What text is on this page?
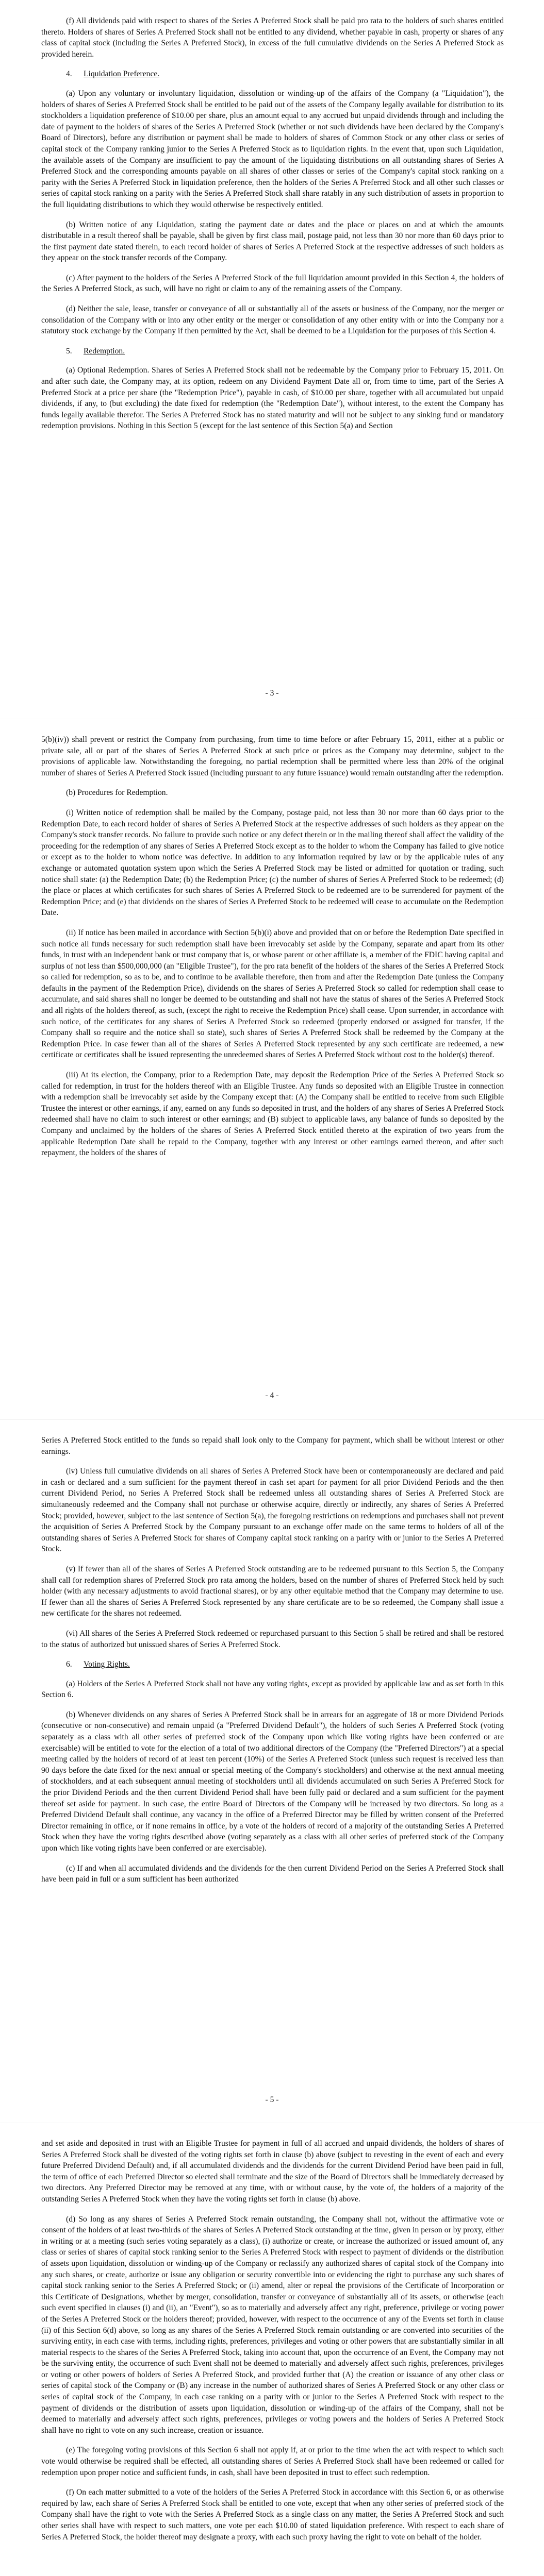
(f) All dividends paid with respect to shares of the Series A Preferred Stock shall be paid pro rata to the holders of such shares entitled thereto. Holders of shares of Series A Preferred Stock shall not be entitled to any dividend, whether payable in cash, property or shares of any class of capital stock (including the Series A Preferred Stock), in excess of the full cumulative dividends on the Series A Preferred Stock as provided herein.

4. Liquidation Preference.

(a) Upon any voluntary or involuntary liquidation, dissolution or winding-up of the affairs of the Company (a "Liquidation"), the holders of shares of Series A Preferred Stock shall be entitled to be paid out of the assets of the Company legally available for distribution to its stockholders a liquidation preference of $10.00 per share, plus an amount equal to any accrued but unpaid dividends through and including the date of payment to the holders of shares of the Series A Preferred Stock (whether or not such dividends have been declared by the Company's Board of Directors), before any distribution or payment shall be made to holders of shares of Common Stock or any other class or series of capital stock of the Company ranking junior to the Series A Preferred Stock as to liquidation rights. In the event that, upon such Liquidation, the available assets of the Company are insufficient to pay the amount of the liquidating distributions on all outstanding shares of Series A Preferred Stock and the corresponding amounts payable on all shares of other classes or series of the Company's capital stock ranking on a parity with the Series A Preferred Stock in liquidation preference, then the holders of the Series A Preferred Stock and all other such classes or series of capital stock ranking on a parity with the Series A Preferred Stock shall share ratably in any such distribution of assets in proportion to the full liquidating distributions to which they would otherwise be respectively entitled.

(b) Written notice of any Liquidation, stating the payment date or dates and the place or places on and at which the amounts distributable in a result thereof shall be payable, shall be given by first class mail, postage paid, not less than 30 nor more than 60 days prior to the first payment date stated therein, to each record holder of shares of Series A Preferred Stock at the respective addresses of such holders as they appear on the stock transfer records of the Company.

(c) After payment to the holders of the Series A Preferred Stock of the full liquidation amount provided in this Section 4, the holders of the Series A Preferred Stock, as such, will have no right or claim to any of the remaining assets of the Company.

(d) Neither the sale, lease, transfer or conveyance of all or substantially all of the assets or business of the Company, nor the merger or consolidation of the Company with or into any other entity or the merger or consolidation of any other entity with or into the Company nor a statutory stock exchange by the Company if then permitted by the Act, shall be deemed to be a Liquidation for the purposes of this Section 4.

5. Redemption.

(a) Optional Redemption. Shares of Series A Preferred Stock shall not be redeemable by the Company prior to February 15, 2011. On and after such date, the Company may, at its option, redeem on any Dividend Payment Date all or, from time to time, part of the Series A Preferred Stock at a price per share (the "Redemption Price"), payable in cash, of $10.00 per share, together with all accumulated but unpaid dividends, if any, to (but excluding) the date fixed for redemption (the "Redemption Date"), without interest, to the extent the Company has funds legally available therefor. The Series A Preferred Stock has no stated maturity and will not be subject to any sinking fund or mandatory redemption provisions. Nothing in this Section 5 (except for the last sentence of this Section 5(a) and Section

- 3 -

5(b)(iv)) shall prevent or restrict the Company from purchasing, from time to time before or after February 15, 2011, either at a public or private sale, all or part of the shares of Series A Preferred Stock at such price or prices as the Company may determine, subject to the provisions of applicable law. Notwithstanding the foregoing, no partial redemption shall be permitted where less than 20% of the original number of shares of Series A Preferred Stock issued (including pursuant to any future issuance) would remain outstanding after the redemption.

(b) Procedures for Redemption.

(i) Written notice of redemption shall be mailed by the Company, postage paid, not less than 30 nor more than 60 days prior to the Redemption Date, to each record holder of shares of Series A Preferred Stock at the respective addresses of such holders as they appear on the Company's stock transfer records. No failure to provide such notice or any defect therein or in the mailing thereof shall affect the validity of the proceeding for the redemption of any shares of Series A Preferred Stock except as to the holder to whom the Company has failed to give notice or except as to the holder to whom notice was defective. In addition to any information required by law or by the applicable rules of any exchange or automated quotation system upon which the Series A Preferred Stock may be listed or admitted for quotation or trading, such notice shall state: (a) the Redemption Date; (b) the Redemption Price; (c) the number of shares of Series A Preferred Stock to be redeemed; (d) the place or places at which certificates for such shares of Series A Preferred Stock to be redeemed are to be surrendered for payment of the Redemption Price; and (e) that dividends on the shares of Series A Preferred Stock to be redeemed will cease to accumulate on the Redemption Date.

(ii) If notice has been mailed in accordance with Section 5(b)(i) above and provided that on or before the Redemption Date specified in such notice all funds necessary for such redemption shall have been irrevocably set aside by the Company, separate and apart from its other funds, in trust with an independent bank or trust company that is, or whose parent or other affiliate is, a member of the FDIC having capital and surplus of not less than $500,000,000 (an "Eligible Trustee"), for the pro rata benefit of the holders of the shares of the Series A Preferred Stock so called for redemption, so as to be, and to continue to be available therefore, then from and after the Redemption Date (unless the Company defaults in the payment of the Redemption Price), dividends on the shares of Series A Preferred Stock so called for redemption shall cease to accumulate, and said shares shall no longer be deemed to be outstanding and shall not have the status of shares of the Series A Preferred Stock and all rights of the holders thereof, as such, (except the right to receive the Redemption Price) shall cease. Upon surrender, in accordance with such notice, of the certificates for any shares of Series A Preferred Stock so redeemed (properly endorsed or assigned for transfer, if the Company shall so require and the notice shall so state), such shares of Series A Preferred Stock shall be redeemed by the Company at the Redemption Price. In case fewer than all of the shares of Series A Preferred Stock represented by any such certificate are redeemed, a new certificate or certificates shall be issued representing the unredeemed shares of Series A Preferred Stock without cost to the holder(s) thereof.

(iii) At its election, the Company, prior to a Redemption Date, may deposit the Redemption Price of the Series A Preferred Stock so called for redemption, in trust for the holders thereof with an Eligible Trustee. Any funds so deposited with an Eligible Trustee in connection with a redemption shall be irrevocably set aside by the Company except that: (A) the Company shall be entitled to receive from such Eligible Trustee the interest or other earnings, if any, earned on any funds so deposited in trust, and the holders of any shares of Series A Preferred Stock redeemed shall have no claim to such interest or other earnings; and (B) subject to applicable laws, any balance of funds so deposited by the Company and unclaimed by the holders of the shares of Series A Preferred Stock entitled thereto at the expiration of two years from the applicable Redemption Date shall be repaid to the Company, together with any interest or other earnings earned thereon, and after such repayment, the holders of the shares of

- 4 -

Series A Preferred Stock entitled to the funds so repaid shall look only to the Company for payment, which shall be without interest or other earnings.

(iv) Unless full cumulative dividends on all shares of Series A Preferred Stock have been or contemporaneously are declared and paid in cash or declared and a sum sufficient for the payment thereof in cash set apart for payment for all prior Dividend Periods and the then current Dividend Period, no Series A Preferred Stock shall be redeemed unless all outstanding shares of Series A Preferred Stock are simultaneously redeemed and the Company shall not purchase or otherwise acquire, directly or indirectly, any shares of Series A Preferred Stock; provided, however, subject to the last sentence of Section 5(a), the foregoing restrictions on redemptions and purchases shall not prevent the acquisition of Series A Preferred Stock by the Company pursuant to an exchange offer made on the same terms to holders of all of the outstanding shares of Series A Preferred Stock for shares of Company capital stock ranking on a parity with or junior to the Series A Preferred Stock.

(v) If fewer than all of the shares of Series A Preferred Stock outstanding are to be redeemed pursuant to this Section 5, the Company shall call for redemption shares of Preferred Stock pro rata among the holders, based on the number of shares of Preferred Stock held by such holder (with any necessary adjustments to avoid fractional shares), or by any other equitable method that the Company may determine to use. If fewer than all the shares of Series A Preferred Stock represented by any share certificate are to be so redeemed, the Company shall issue a new certificate for the shares not redeemed.

(vi) All shares of the Series A Preferred Stock redeemed or repurchased pursuant to this Section 5 shall be retired and shall be restored to the status of authorized but unissued shares of Series A Preferred Stock.

6. Voting Rights.

(a) Holders of the Series A Preferred Stock shall not have any voting rights, except as provided by applicable law and as set forth in this Section 6.

(b) Whenever dividends on any shares of Series A Preferred Stock shall be in arrears for an aggregate of 18 or more Dividend Periods (consecutive or non-consecutive) and remain unpaid (a "Preferred Dividend Default"), the holders of such Series A Preferred Stock (voting separately as a class with all other series of preferred stock of the Company upon which like voting rights have been conferred or are exercisable) will be entitled to vote for the election of a total of two additional directors of the Company (the "Preferred Directors") at a special meeting called by the holders of record of at least ten percent (10%) of the Series A Preferred Stock (unless such request is received less than 90 days before the date fixed for the next annual or special meeting of the Company's stockholders) and otherwise at the next annual meeting of stockholders, and at each subsequent annual meeting of stockholders until all dividends accumulated on such Series A Preferred Stock for the prior Dividend Periods and the then current Dividend Period shall have been fully paid or declared and a sum sufficient for the payment thereof set aside for payment. In such case, the entire Board of Directors of the Company will be increased by two directors. So long as a Preferred Dividend Default shall continue, any vacancy in the office of a Preferred Director may be filled by written consent of the Preferred Director remaining in office, or if none remains in office, by a vote of the holders of record of a majority of the outstanding Series A Preferred Stock when they have the voting rights described above (voting separately as a class with all other series of preferred stock of the Company upon which like voting rights have been conferred or are exercisable).

(c) If and when all accumulated dividends and the dividends for the then current Dividend Period on the Series A Preferred Stock shall have been paid in full or a sum sufficient has been authorized

- 5 -

and set aside and deposited in trust with an Eligible Trustee for payment in full of all accrued and unpaid dividends, the holders of shares of Series A Preferred Stock shall be divested of the voting rights set forth in clause (b) above (subject to revesting in the event of each and every future Preferred Dividend Default) and, if all accumulated dividends and the dividends for the current Dividend Period have been paid in full, the term of office of each Preferred Director so elected shall terminate and the size of the Board of Directors shall be immediately decreased by two directors. Any Preferred Director may be removed at any time, with or without cause, by the vote of, the holders of a majority of the outstanding Series A Preferred Stock when they have the voting rights set forth in clause (b) above.

(d) So long as any shares of Series A Preferred Stock remain outstanding, the Company shall not, without the affirmative vote or consent of the holders of at least two-thirds of the shares of Series A Preferred Stock outstanding at the time, given in person or by proxy, either in writing or at a meeting (such series voting separately as a class), (i) authorize or create, or increase the authorized or issued amount of, any class or series of shares of capital stock ranking senior to the Series A Preferred Stock with respect to payment of dividends or the distribution of assets upon liquidation, dissolution or winding-up of the Company or reclassify any authorized shares of capital stock of the Company into any such shares, or create, authorize or issue any obligation or security convertible into or evidencing the right to purchase any such shares of capital stock ranking senior to the Series A Preferred Stock; or (ii) amend, alter or repeal the provisions of the Certificate of Incorporation or this Certificate of Designations, whether by merger, consolidation, transfer or conveyance of substantially all of its assets, or otherwise (each such event specified in clauses (i) and (ii), an "Event"), so as to materially and adversely affect any right, preference, privilege or voting power of the Series A Preferred Stock or the holders thereof; provided, however, with respect to the occurrence of any of the Events set forth in clause (ii) of this Section 6(d) above, so long as any shares of the Series A Preferred Stock remain outstanding or are converted into securities of the surviving entity, in each case with terms, including rights, preferences, privileges and voting or other powers that are substantially similar in all material respects to the shares of the Series A Preferred Stock, taking into account that, upon the occurrence of an Event, the Company may not be the surviving entity, the occurrence of such Event shall not be deemed to materially and adversely affect such rights, preferences, privileges or voting or other powers of holders of Series A Preferred Stock, and provided further that (A) the creation or issuance of any other class or series of capital stock of the Company or (B) any increase in the number of authorized shares of Series A Preferred Stock or any other class or series of capital stock of the Company, in each case ranking on a parity with or junior to the Series A Preferred Stock with respect to the payment of dividends or the distribution of assets upon liquidation, dissolution or winding-up of the affairs of the Company, shall not be deemed to materially and adversely affect such rights, preferences, privileges or voting powers and the holders of Series A Preferred Stock shall have no right to vote on any such increase, creation or issuance.

(e) The foregoing voting provisions of this Section 6 shall not apply if, at or prior to the time when the act with respect to which such vote would otherwise be required shall be effected, all outstanding shares of Series A Preferred Stock shall have been redeemed or called for redemption upon proper notice and sufficient funds, in cash, shall have been deposited in trust to effect such redemption.

(f) On each matter submitted to a vote of the holders of the Series A Preferred Stock in accordance with this Section 6, or as otherwise required by law, each share of Series A Preferred Stock shall be entitled to one vote, except that when any other series of preferred stock of the Company shall have the right to vote with the Series A Preferred Stock as a single class on any matter, the Series A Preferred Stock and such other series shall have with respect to such matters, one vote per each $10.00 of stated liquidation preference. With respect to each share of Series A Preferred Stock, the holder thereof may designate a proxy, with each such proxy having the right to vote on behalf of the holder.
